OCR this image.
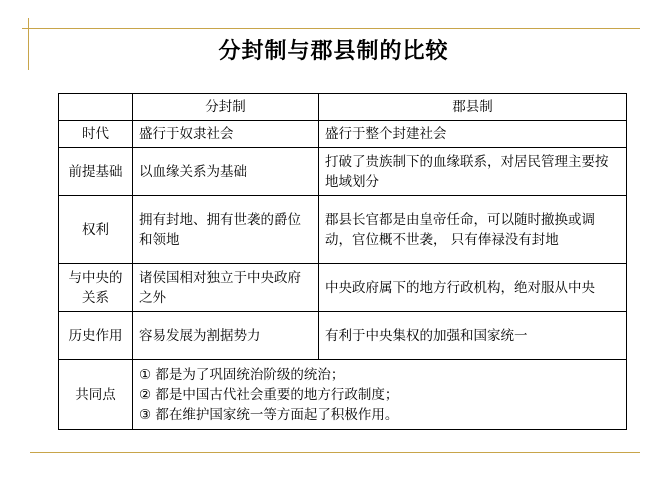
分封制与郡县制的比较
	分封制	郡县制
时代	盛行于奴隶社会	盛行于整个封建社会
前提基础	以血缘关系为基础	打破了贵族制下的血缘联系，对居民管理主要按地域划分
权利	拥有封地、拥有世袭的爵位和领地	郡县长官都是由皇帝任命，可以随时撤换或调动，官位概不世袭， 只有俸禄没有封地
与中央的关系	诸侯国相对独立于中央政府之外	中央政府属下的地方行政机构，绝对服从中央
历史作用	容易发展为割据势力	有利于中央集权的加强和国家统一
共同点	① 都是为了巩固统治阶级的统治；
② 都是中国古代社会重要的地方行政制度；
③ 都在维护国家统一等方面起了积极作用。	
